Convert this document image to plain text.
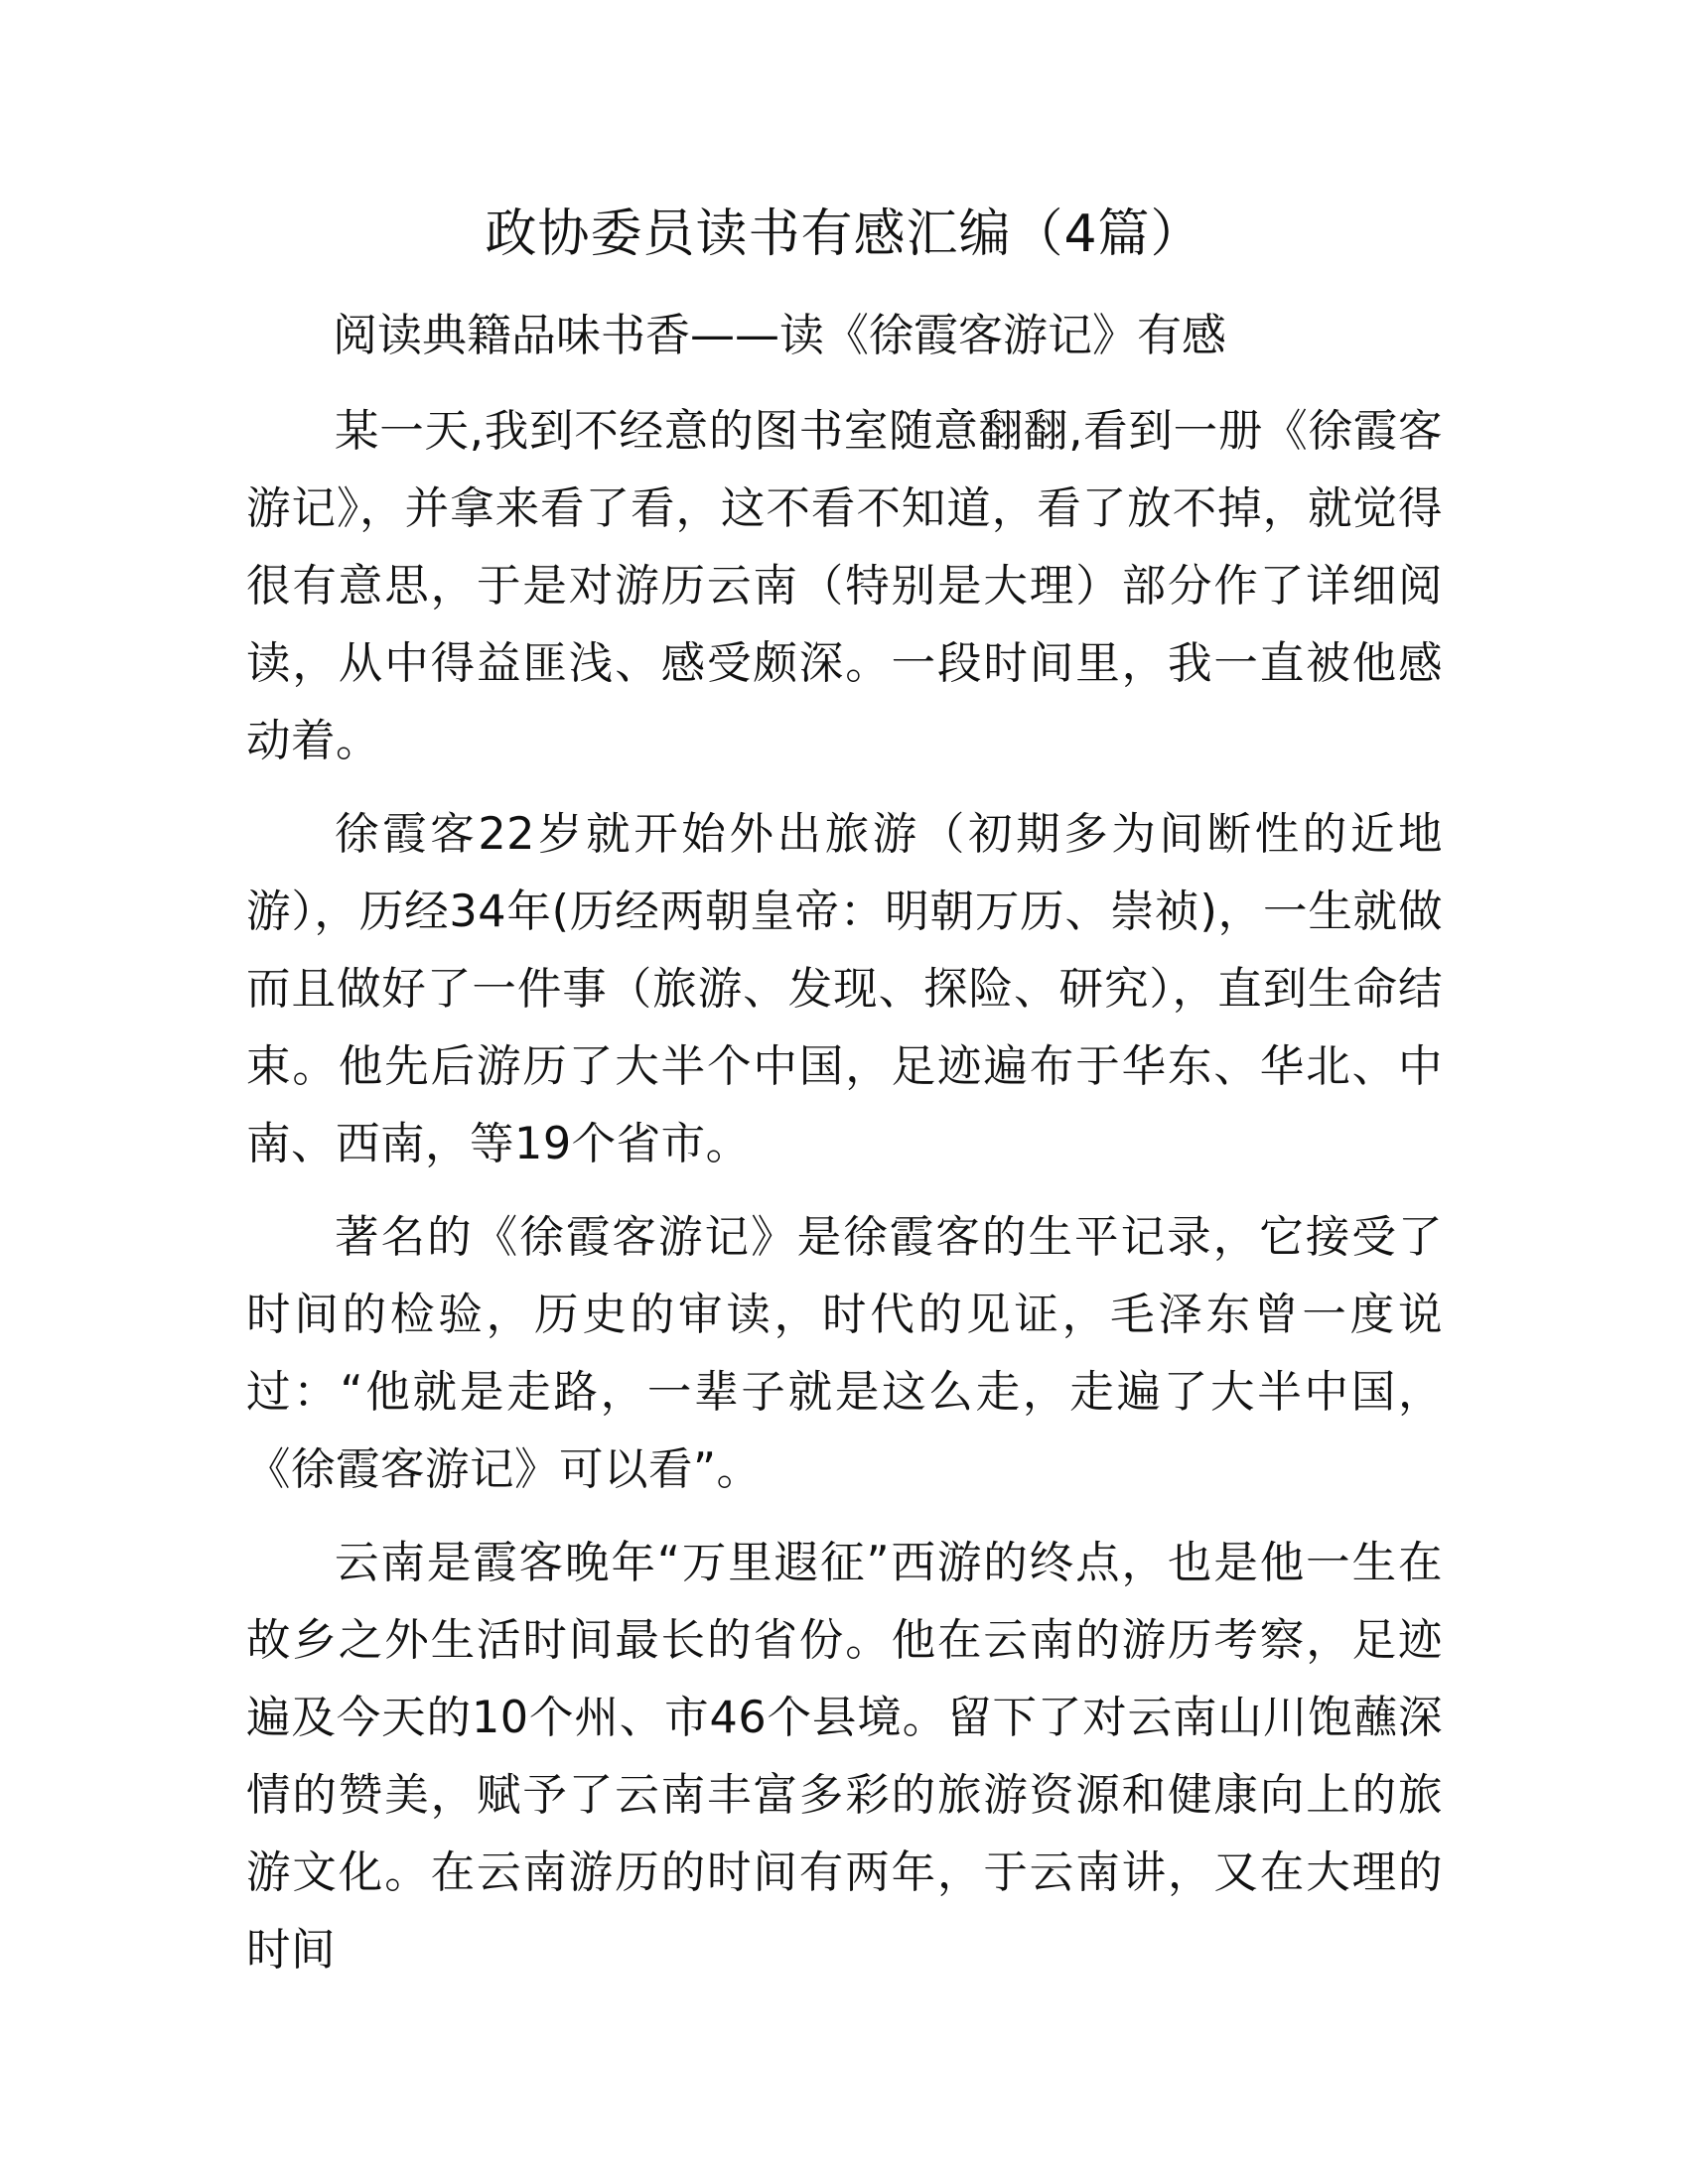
政协委员读书有感汇编（4篇）

阅读典籍品味书香——读《徐霞客游记》有感

某一天,我到不经意的图书室随意翻翻,看到一册《徐霞客游记》，并拿来看了看，这不看不知道，看了放不掉，就觉得很有意思，于是对游历云南（特别是大理）部分作了详细阅读，从中得益匪浅、感受颇深。一段时间里，我一直被他感动着。

徐霞客22岁就开始外出旅游（初期多为间断性的近地游），历经34年(历经两朝皇帝：明朝万历、崇祯)，一生就做而且做好了一件事（旅游、发现、探险、研究），直到生命结束。他先后游历了大半个中国，足迹遍布于华东、华北、中南、西南，等19个省市。

著名的《徐霞客游记》是徐霞客的生平记录，它接受了时间的检验，历史的审读，时代的见证，毛泽东曾一度说过：“他就是走路，一辈子就是这么走，走遍了大半中国，《徐霞客游记》可以看”。

云南是霞客晚年“万里遐征”西游的终点，也是他一生在故乡之外生活时间最长的省份。他在云南的游历考察，足迹遍及今天的10个州、市46个县境。留下了对云南山川饱蘸深情的赞美，赋予了云南丰富多彩的旅游资源和健康向上的旅游文化。在云南游历的时间有两年，于云南讲，又在大理的时间
